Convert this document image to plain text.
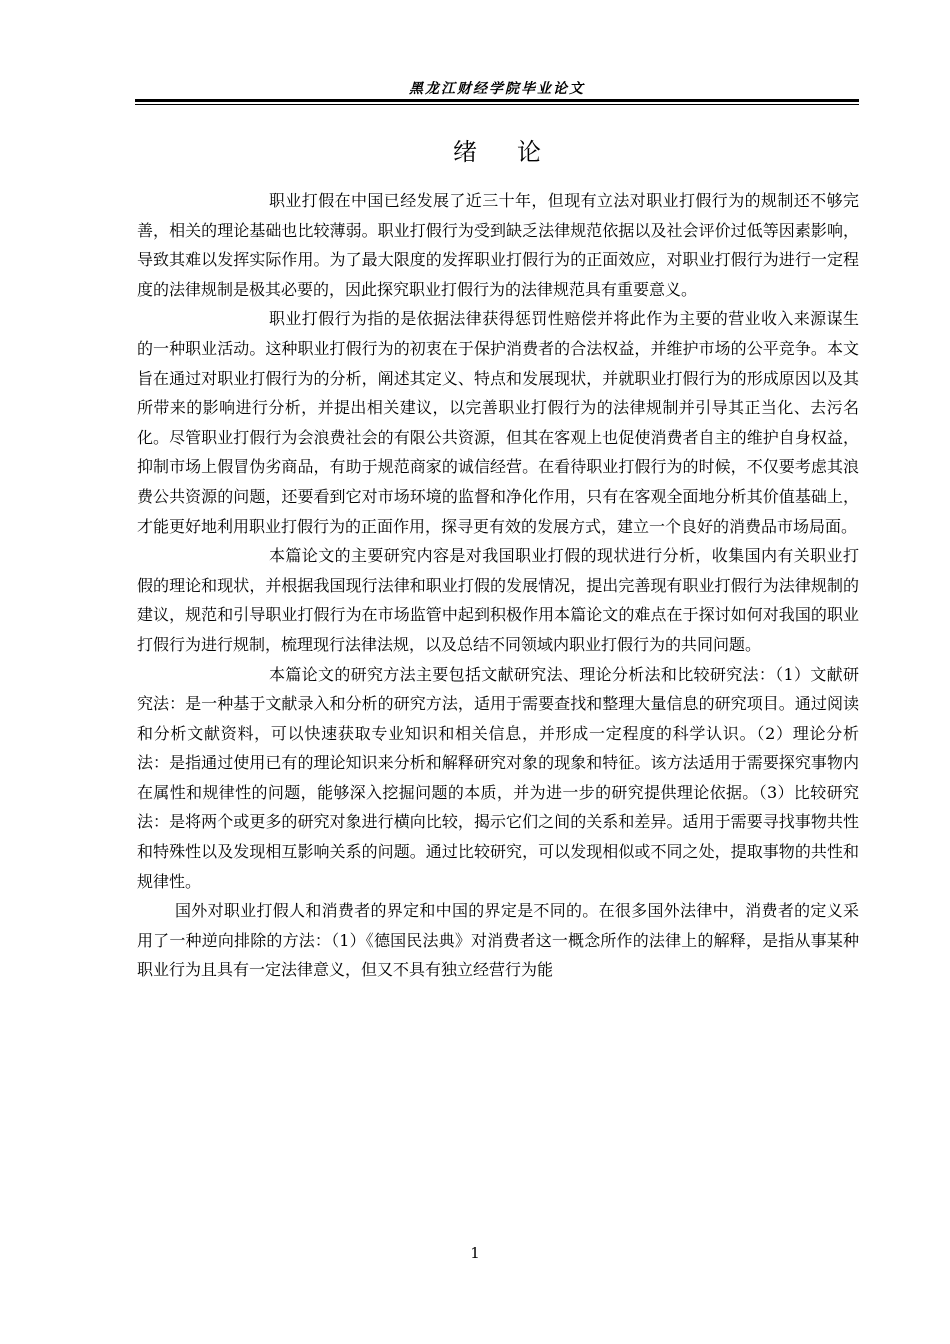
黑龙江财经学院毕业论文
绪论

职业打假在中国已经发展了近三十年，但现有立法对职业打假行为的规制还不够完善，相关的理论基础也比较薄弱。职业打假行为受到缺乏法律规范依据以及社会评价过低等因素影响，导致其难以发挥实际作用。为了最大限度的发挥职业打假行为的正面效应，对职业打假行为进行一定程度的法律规制是极其必要的，因此探究职业打假行为的法律规范具有重要意义。

职业打假行为指的是依据法律获得惩罚性赔偿并将此作为主要的营业收入来源谋生的一种职业活动。这种职业打假行为的初衷在于保护消费者的合法权益，并维护市场的公平竞争。本文旨在通过对职业打假行为的分析，阐述其定义、特点和发展现状，并就职业打假行为的形成原因以及其所带来的影响进行分析，并提出相关建议，以完善职业打假行为的法律规制并引导其正当化、去污名化。尽管职业打假行为会浪费社会的有限公共资源，但其在客观上也促使消费者自主的维护自身权益，抑制市场上假冒伪劣商品，有助于规范商家的诚信经营。在看待职业打假行为的时候，不仅要考虑其浪费公共资源的问题，还要看到它对市场环境的监督和净化作用，只有在客观全面地分析其价值基础上，才能更好地利用职业打假行为的正面作用，探寻更有效的发展方式，建立一个良好的消费品市场局面。

本篇论文的主要研究内容是对我国职业打假的现状进行分析，收集国内有关职业打假的理论和现状，并根据我国现行法律和职业打假的发展情况，提出完善现有职业打假行为法律规制的建议，规范和引导职业打假行为在市场监管中起到积极作用本篇论文的难点在于探讨如何对我国的职业打假行为进行规制，梳理现行法律法规，以及总结不同领域内职业打假行为的共同问题。

本篇论文的研究方法主要包括文献研究法、理论分析法和比较研究法：（1）文献研究法：是一种基于文献录入和分析的研究方法，适用于需要查找和整理大量信息的研究项目。通过阅读和分析文献资料，可以快速获取专业知识和相关信息，并形成一定程度的科学认识。（2）理论分析法：是指通过使用已有的理论知识来分析和解释研究对象的现象和特征。该方法适用于需要探究事物内在属性和规律性的问题，能够深入挖掘问题的本质，并为进一步的研究提供理论依据。（3）比较研究法：是将两个或更多的研究对象进行横向比较，揭示它们之间的关系和差异。适用于需要寻找事物共性和特殊性以及发现相互影响关系的问题。通过比较研究，可以发现相似或不同之处，提取事物的共性和规律性。

国外对职业打假人和消费者的界定和中国的界定是不同的。在很多国外法律中，消费者的定义采用了一种逆向排除的方法：（1）《德国民法典》对消费者这一概念所作的法律上的解释，是指从事某种职业行为且具有一定法律意义，但又不具有独立经营行为能

1
